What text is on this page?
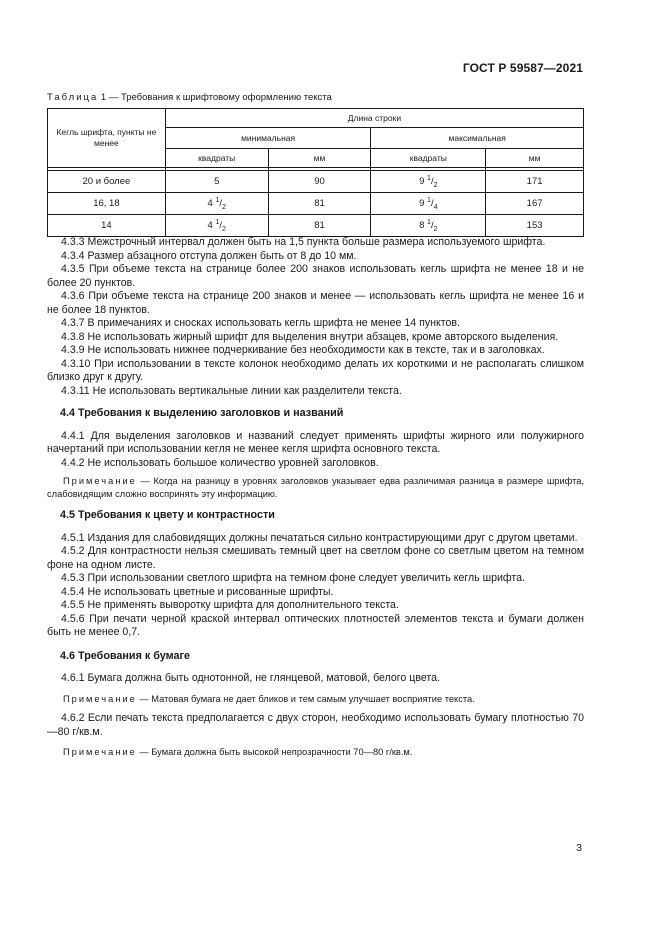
ГОСТ Р 59587—2021
Таблица 1 — Требования к шрифтовому оформлению текста
Кегль шрифта, пункты не менее	Длина строки			
	минимальная		максимальная	
	квадраты	мм	квадраты	мм

20 и более	5	90	9 $^1/_2$	171
16, 18	4 $^1/_2$	81	9 $^1/_4$	167
14	4 $^1/_2$	81	8 $^1/_2$	153

4.3.3 Межстрочный интервал должен быть на 1,5 пункта больше размера используемого шрифта.

4.3.4 Размер абзацного отступа должен быть от 8 до 10 мм.

4.3.5 При объеме текста на странице более 200 знаков использовать кегль шрифта не менее 18 и не более 20 пунктов.

4.3.6 При объеме текста на странице 200 знаков и менее — использовать кегль шрифта не менее 16 и не более 18 пунктов.

4.3.7 В примечаниях и сносках использовать кегль шрифта не менее 14 пунктов.

4.3.8 Не использовать жирный шрифт для выделения внутри абзацев, кроме авторского выделения.

4.3.9 Не использовать нижнее подчеркивание без необходимости как в тексте, так и в заголовках.

4.3.10 При использовании в тексте колонок необходимо делать их короткими и не располагать слишком близко друг к другу.

4.3.11 Не использовать вертикальные линии как разделители текста.

4.4 Требования к выделению заголовков и названий

4.4.1 Для выделения заголовков и названий следует применять шрифты жирного или полужирного начертаний при использовании кегля не менее кегля шрифта основного текста.

4.4.2 Не использовать большое количество уровней заголовков.

Примечание — Когда на разницу в уровнях заголовков указывает едва различимая разница в размере шрифта, слабовидящим сложно воспринять эту информацию.

4.5 Требования к цвету и контрастности

4.5.1 Издания для слабовидящих должны печататься сильно контрастирующими друг с другом цветами.

4.5.2 Для контрастности нельзя смешивать темный цвет на светлом фоне со светлым цветом на темном фоне на одном листе.

4.5.3 При использовании светлого шрифта на темном фоне следует увеличить кегль шрифта.

4.5.4 Не использовать цветные и рисованные шрифты.

4.5.5 Не применять выворотку шрифта для дополнительного текста.

4.5.6 При печати черной краской интервал оптических плотностей элементов текста и бумаги должен быть не менее 0,7.

4.6 Требования к бумаге

4.6.1 Бумага должна быть однотонной, не глянцевой, матовой, белого цвета.

Примечание — Матовая бумага не дает бликов и тем самым улучшает восприятие текста.

4.6.2 Если печать текста предполагается с двух сторон, необходимо использовать бумагу плотностью 70—80 г/кв.м.

Примечание — Бумага должна быть высокой непрозрачности 70—80 г/кв.м.

3
